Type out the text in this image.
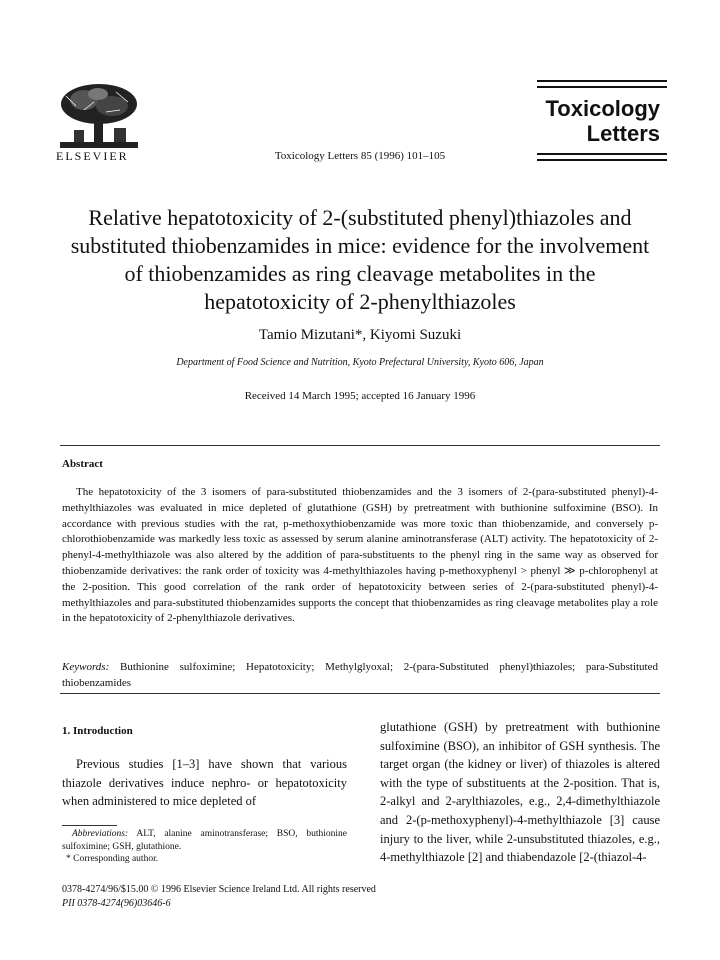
ELSEVIER	Toxicology Letters 85 (1996) 101–105
Toxicology
Letters
Relative hepatotoxicity of 2-(substituted phenyl)thiazoles and substituted thiobenzamides in mice: evidence for the involvement of thiobenzamides as ring cleavage metabolites in the hepatotoxicity of 2-phenylthiazoles
Tamio Mizutani*, Kiyomi Suzuki
Department of Food Science and Nutrition, Kyoto Prefectural University, Kyoto 606, Japan
Received 14 March 1995; accepted 16 January 1996
Abstract
The hepatotoxicity of the 3 isomers of para-substituted thiobenzamides and the 3 isomers of 2-(para-substituted phenyl)-4-methylthiazoles was evaluated in mice depleted of glutathione (GSH) by pretreatment with buthionine sulfoximine (BSO). In accordance with previous studies with the rat, p-methoxythiobenzamide was more toxic than thiobenzamide, and conversely p-chlorothiobenzamide was markedly less toxic as assessed by serum alanine aminotransferase (ALT) activity. The hepatotoxicity of 2-phenyl-4-methylthiazole was also altered by the addition of para-substituents to the phenyl ring in the same way as observed for thiobenzamide derivatives: the rank order of toxicity was 4-methylthiazoles having p-methoxyphenyl > phenyl ≫ p-chlorophenyl at the 2-position. This good correlation of the rank order of hepatotoxicity between series of 2-(para-substituted phenyl)-4-methylthiazoles and para-substituted thiobenzamides supports the concept that thiobenzamides as ring cleavage metabolites play a role in the hepatotoxicity of 2-phenylthiazole derivatives.
Keywords: Buthionine sulfoximine; Hepatotoxicity; Methylglyoxal; 2-(para-Substituted phenyl)thiazoles; para-Substituted thiobenzamides
1. Introduction
Previous studies [1–3] have shown that various thiazole derivatives induce nephro- or hepatotoxicity when administered to mice depleted of
Abbreviations: ALT, alanine aminotransferase; BSO, buthionine sulfoximine; GSH, glutathione.
* Corresponding author.
glutathione (GSH) by pretreatment with buthionine sulfoximine (BSO), an inhibitor of GSH synthesis. The target organ (the kidney or liver) of thiazoles is altered with the type of substituents at the 2-position. That is, 2-alkyl and 2-arylthiazoles, e.g., 2,4-dimethylthiazole and 2-(p-methoxyphenyl)-4-methylthiazole [3] cause injury to the liver, while 2-unsubstituted thiazoles, e.g., 4-methylthiazole [2] and thiabendazole [2-(thiazol-4-
0378-4274/96/$15.00 © 1996 Elsevier Science Ireland Ltd. All rights reserved
PII 0378-4274(96)03646-6
